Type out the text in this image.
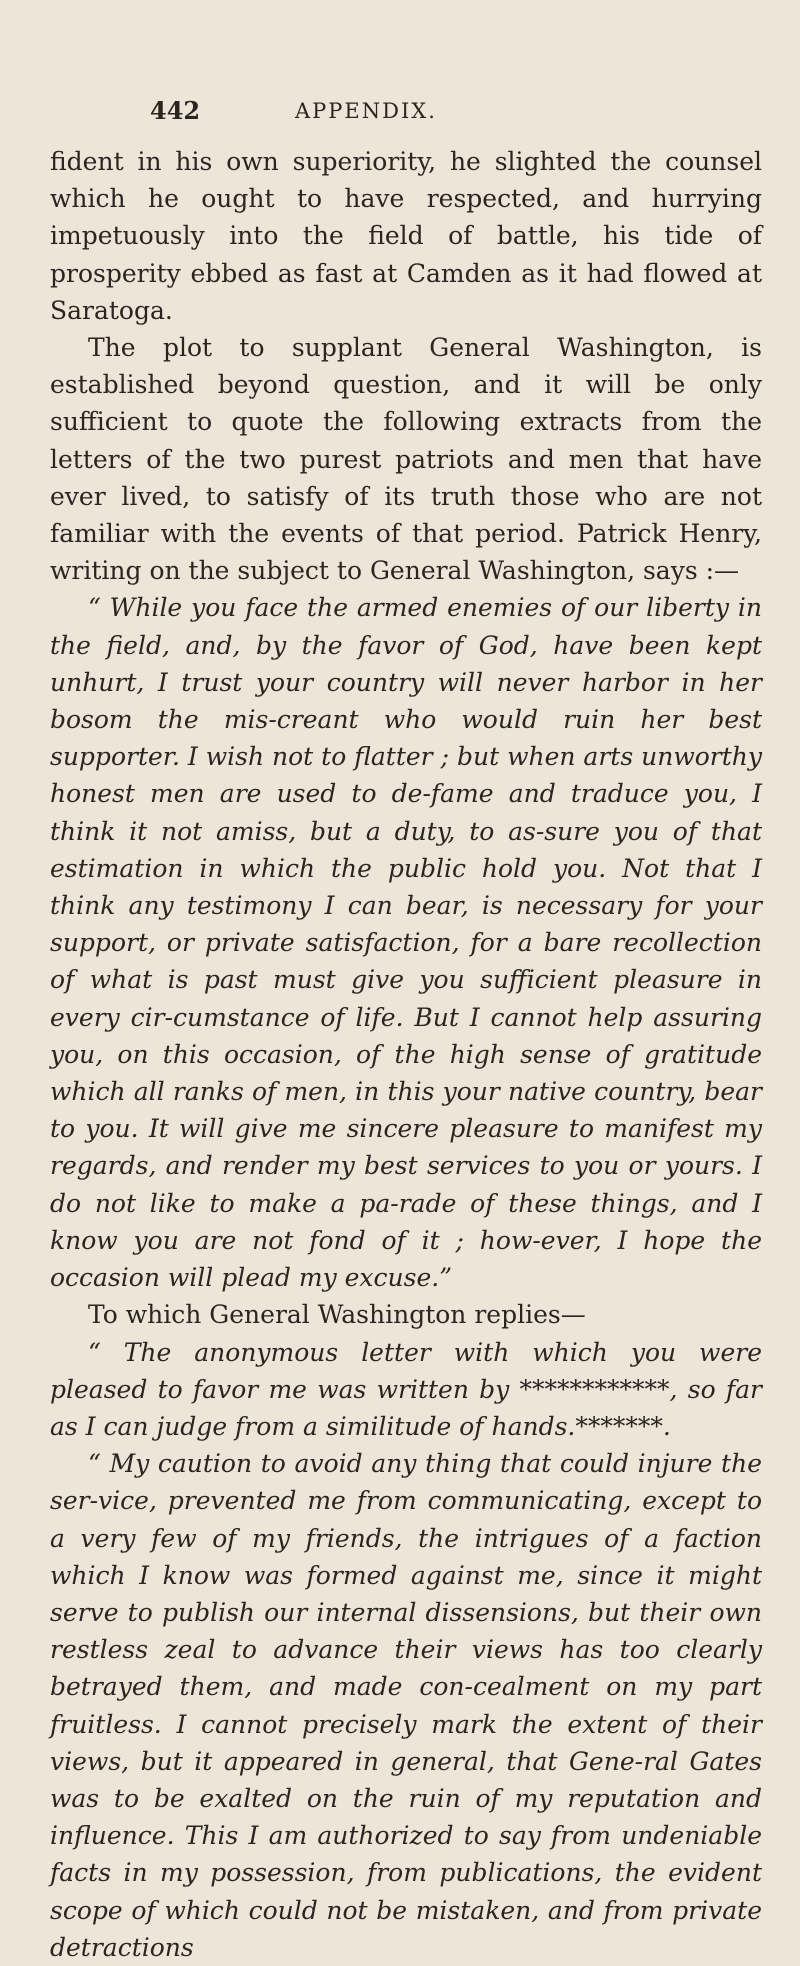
442	APPENDIX.

fident in his own superiority, he slighted the counsel which he ought to have respected, and hurrying impetuously into the field of battle, his tide of prosperity ebbed as fast at Camden as it had flowed at Saratoga.

The plot to supplant General Washington, is established beyond question, and it will be only sufficient to quote the following extracts from the letters of the two purest patriots and men that have ever lived, to satisfy of its truth those who are not familiar with the events of that period. Patrick Henry, writing on the subject to General Washington, says :—

“ While you face the armed enemies of our liberty in the field, and, by the favor of God, have been kept unhurt, I trust your country will never harbor in her bosom the mis-creant who would ruin her best supporter. I wish not to flatter ; but when arts unworthy honest men are used to de-fame and traduce you, I think it not amiss, but a duty, to as-sure you of that estimation in which the public hold you. Not that I think any testimony I can bear, is necessary for your support, or private satisfaction, for a bare recollection of what is past must give you sufficient pleasure in every cir-cumstance of life. But I cannot help assuring you, on this occasion, of the high sense of gratitude which all ranks of men, in this your native country, bear to you. It will give me sincere pleasure to manifest my regards, and render my best services to you or yours. I do not like to make a pa-rade of these things, and I know you are not fond of it ; how-ever, I hope the occasion will plead my excuse.”

To which General Washington replies—

“ The anonymous letter with which you were pleased to favor me was written by ************, so far as I can judge from a similitude of hands.*******.

“ My caution to avoid any thing that could injure the ser-vice, prevented me from communicating, except to a very few of my friends, the intrigues of a faction which I know was formed against me, since it might serve to publish our internal dissensions, but their own restless zeal to advance their views has too clearly betrayed them, and made con-cealment on my part fruitless. I cannot precisely mark the extent of their views, but it appeared in general, that Gene-ral Gates was to be exalted on the ruin of my reputation and influence. This I am authorized to say from undeniable facts in my possession, from publications, the evident scope of which could not be mistaken, and from private detractions
